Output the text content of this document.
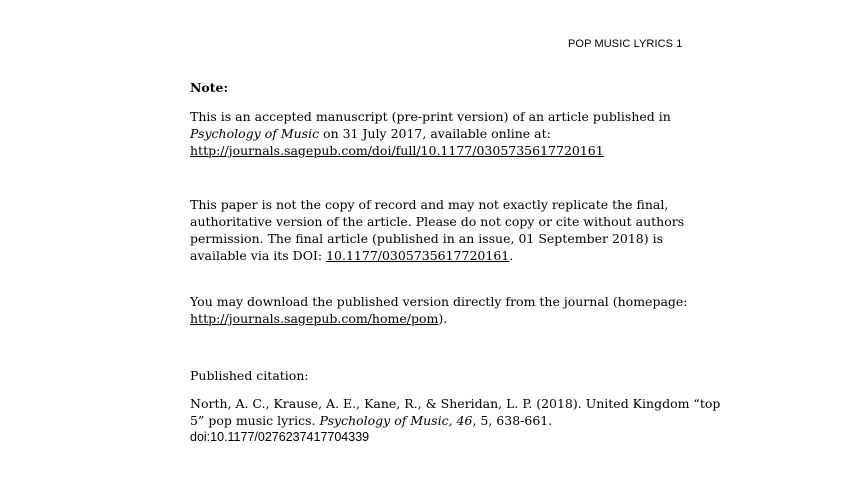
POP MUSIC LYRICS 1
Note:
This is an accepted manuscript (pre-print version) of an article published in
Psychology of Music on 31 July 2017, available online at:
http://journals.sagepub.com/doi/full/10.1177/0305735617720161
This paper is not the copy of record and may not exactly replicate the final,
authoritative version of the article. Please do not copy or cite without authors
permission. The final article (published in an issue, 01 September 2018) is
available via its DOI: 10.1177/0305735617720161.
You may download the published version directly from the journal (homepage:
http://journals.sagepub.com/home/pom).
Published citation:
North, A. C., Krause, A. E., Kane, R., & Sheridan, L. P. (2018). United Kingdom “top
5” pop music lyrics. Psychology of Music, 46, 5, 638-661.
doi:10.1177/0276237417704339
